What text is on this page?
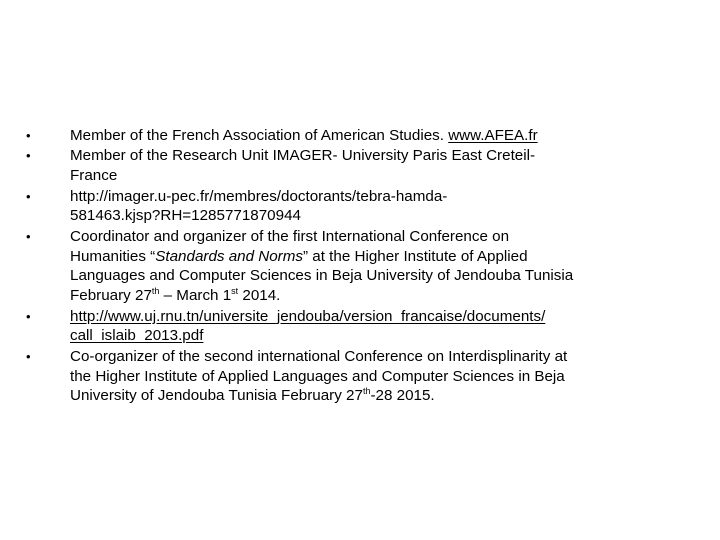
•	Member of the French Association of American Studies. www.AFEA.fr
•	Member of the Research Unit IMAGER- University Paris East Creteil-
France
•	http://imager.u-pec.fr/membres/doctorants/tebra-hamda-
581463.kjsp?RH=1285771870944
•	Coordinator and organizer of the first International Conference on
Humanities “Standards and Norms” at the Higher Institute of Applied
Languages and Computer Sciences in Beja University of Jendouba Tunisia
February 27th – March 1st 2014.
•	http://www.uj.rnu.tn/universite_jendouba/version_francaise/documents/
call_islaib_2013.pdf
•	Co-organizer of the second international Conference on Interdisplinarity at
the Higher Institute of Applied Languages and Computer Sciences in Beja
University of Jendouba Tunisia February 27th-28 2015.
